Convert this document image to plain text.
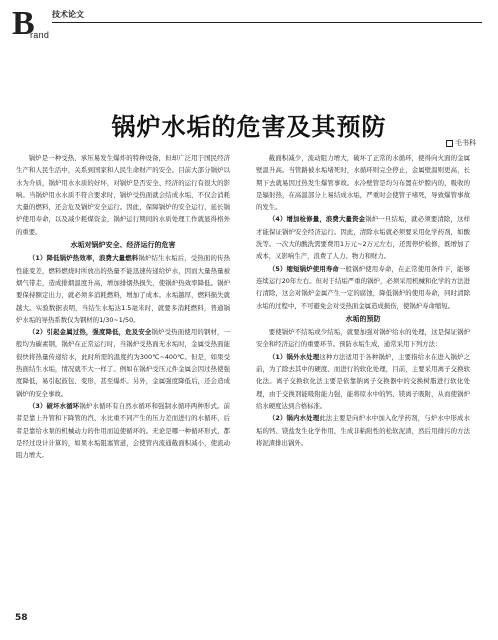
B
rand
技术论文
锅炉水垢的危害及其预防
毛书科

锅炉是一种受热、承压易发生爆炸的特种设备，但却广泛用于国民经济生产和人民生活中，关系到国家和人民生命财产的安全。目前大部分锅炉以水为介质，锅炉用水水质的好坏，对锅炉是否安全、经济的运行有很大的影响。当锅炉用水水质不符合要求时，锅炉受热面就会结成水垢，不仅会消耗大量的燃料，还会危及锅炉安全运行。因此，保障锅炉的安全运行，延长锅炉使用寿命，以及减少耗煤资金，锅炉运行期间的水质处理工作就显得格外的重要。

水垢对锅炉安全、经济运行的危害

（1）降低锅炉热效率，浪费大量燃料锅炉结生水垢后，受热面的传热性能变差，燃料燃烧时所放出的热量不能迅速传递给炉水，因而大量热量被烟气带走，造成排烟温度升高，增加排烟热损失，使锅炉热效率降低。锅炉要保持额定出力，就必须多消耗燃料，增加了成本。水垢越厚，燃料损失就越大。实验数据表明，当结生水垢达1.5毫米时，就要多消耗燃料，普通锅炉水垢的导热系数仅为钢材的1/30~1/50。

（2）引起金属过热，强度降低，危及安全锅炉受热面使用的钢材，一般均为碳素钢，锅炉在正常运行时，当锅炉受热面无水垢时，金属受热面能很快将热量传递给水，此时所需的温度约为300℃~400℃。但是，如果受热面结生水垢，情况就不大一样了。例如在锅炉受压元件金属会因过热使强度降低，易引起鼓包、变形，甚至爆炸。另外，金属强度降低后，还会造成锅炉的安全事故。

（3）破坏水循环锅炉水循环有自然水循环和强制水循环两种形式。前者是靠上升管和下降管的汽、水比重不同产生的压力差而进行的水循环，后者是靠给水泵的机械动力的作用而迫使循环的。无论是哪一种循环形式，都是经过设计计算的，如果水垢阻塞管道，会使管内流通截面积减小，使流动阻力增大。

截面积减少，流动阻力增大，破坏了正常的水循环，使得向火面的金属壁温升高。当管路被水垢堵死时，水循环则完全停止，金属壁温则更高，长期下去就易因过热发生爆管事故。水冷壁管是均匀布置在炉膛内的，吸收的是辐射热，在高温部分上易结成水垢，严重时会使管子堵死，导致爆管事故的发生。

（4）增加检修量，浪费大量资金锅炉一旦结垢，就必须要清除，这样才能保证锅炉安全经济运行。因此，清除水垢就必须要采用化学药剂，如酸洗等。一次大的酸洗需要费用1万元~2万元左右，还需停炉检修，既增加了成本，又影响生产，浪费了人力、物力和财力。

（5）缩短锅炉使用寿命一般锅炉使用寿命，在正常使用条件下，能够连续运行20年左右。但对于结垢严重的锅炉，必须采用机械和化学的方法进行清除，这会对锅炉金属产生一定的腐蚀，降低锅炉的使用寿命，同时清除水垢的过程中，不可避免会对受热面金属造成损伤，使锅炉寿命缩短。

水垢的预防

要使锅炉不结垢或少结垢，就要加强对锅炉给水的处理，这是保证锅炉安全和经济运行的重要环节。预防水垢生成，通常采用下列方法：

（1）锅外水处理这种方法适用于各种锅炉，主要指给水在进入锅炉之前，为了除去其中的硬度、而进行的软化处理，目前，主要采用离子交换软化法。离子交换软化法主要是依靠钠离子交换器中的交换树脂进行软化处理，由于交换剂能吸附能力强，能将原水中的钙、镁离子吸附，从而使锅炉给水硬度达到合格标准。

（2）锅内水处理此法主要是向炉水中加入化学药剂，与炉水中形成水垢的钙、镁盐发生化学作用，生成非粘附性的松软泥渣，然后用排污的方法将泥渣排出锅外。

58
